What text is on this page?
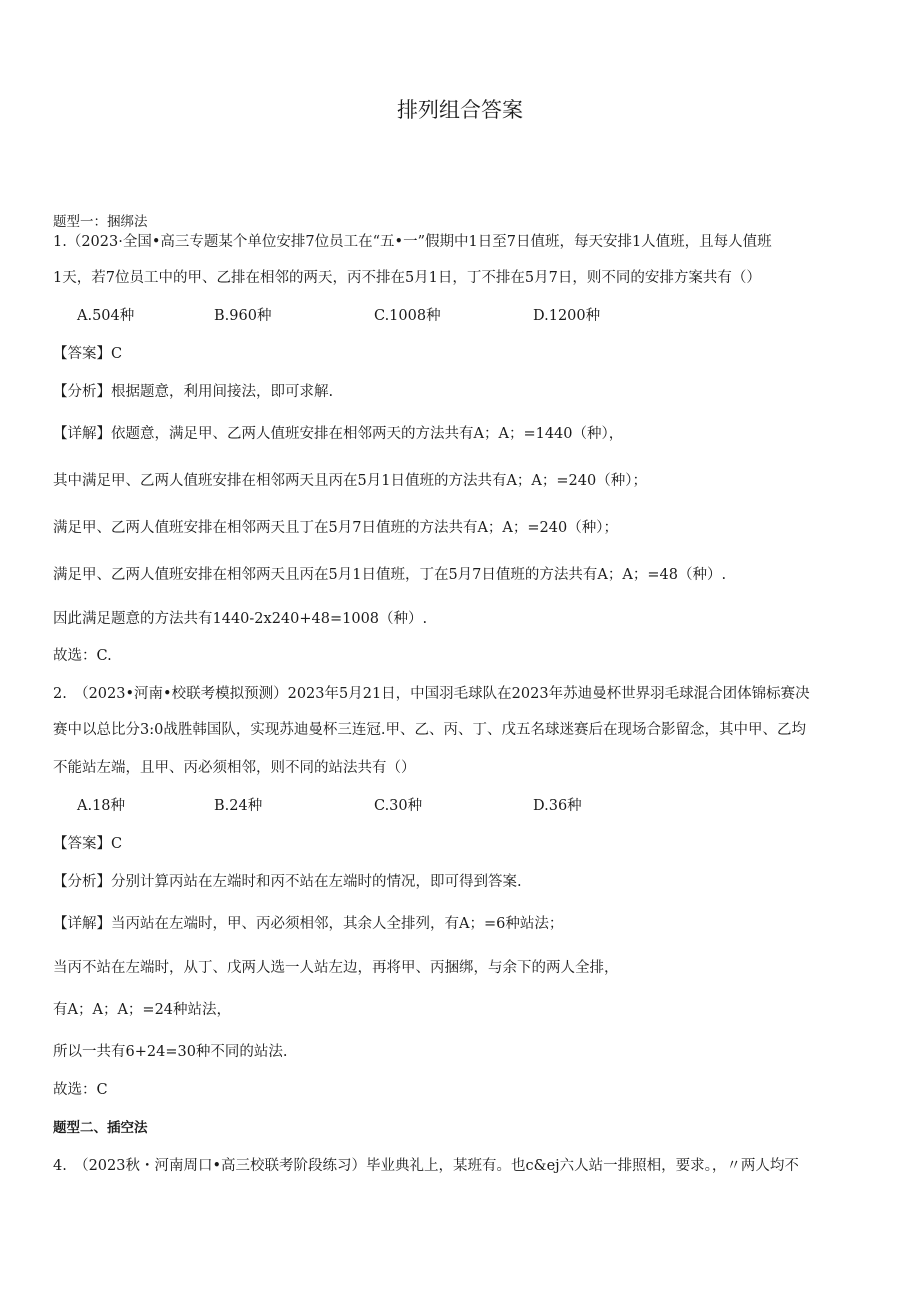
排列组合答案
题型一：捆绑法
1.（2023·全国•高三专题某个单位安排7位员工在“五•一”假期中1日至7日值班，每天安排1人值班，且每人值班
1天，若7位员工中的甲、乙排在相邻的两天，丙不排在5月1日，丁不排在5月7日，则不同的安排方案共有（）
A.504种	B.960种	C.1008种	D.1200种
【答案】C
【分析】根据题意，利用间接法，即可求解.
【详解】依题意，满足甲、乙两人值班安排在相邻两天的方法共有A；A；=1440（种），
其中满足甲、乙两人值班安排在相邻两天且丙在5月1日值班的方法共有A；A；=240（种）；
满足甲、乙两人值班安排在相邻两天且丁在5月7日值班的方法共有A；A；=240（种）；
满足甲、乙两人值班安排在相邻两天且丙在5月1日值班，丁在5月7日值班的方法共有A；A；=48（种）.
因此满足题意的方法共有1440-2x240+48=1008（种）.
故选：C.
2.　（2023•河南•校联考模拟预测）2023年5月21日，中国羽毛球队在2023年苏迪曼杯世界羽毛球混合团体锦标赛决
赛中以总比分3:0战胜韩国队，实现苏迪曼杯三连冠.甲、乙、丙、丁、戊五名球迷赛后在现场合影留念，其中甲、乙均
不能站左端，且甲、丙必须相邻，则不同的站法共有（）
A.18种	B.24种	C.30种	D.36种
【答案】C
【分析】分别计算丙站在左端时和丙不站在左端时的情况，即可得到答案.
【详解】当丙站在左端时，甲、丙必须相邻，其余人全排列，有A；=6种站法；
当丙不站在左端时，从丁、戊两人选一人站左边，再将甲、丙捆绑，与余下的两人全排，
有A；A；A；=24种站法，
所以一共有6+24=30种不同的站法.
故选：C
题型二、插空法
4.　（2023秋・河南周口•高三校联考阶段练习）毕业典礼上，某班有。也c&ej六人站一排照相，要求。，〃两人均不
